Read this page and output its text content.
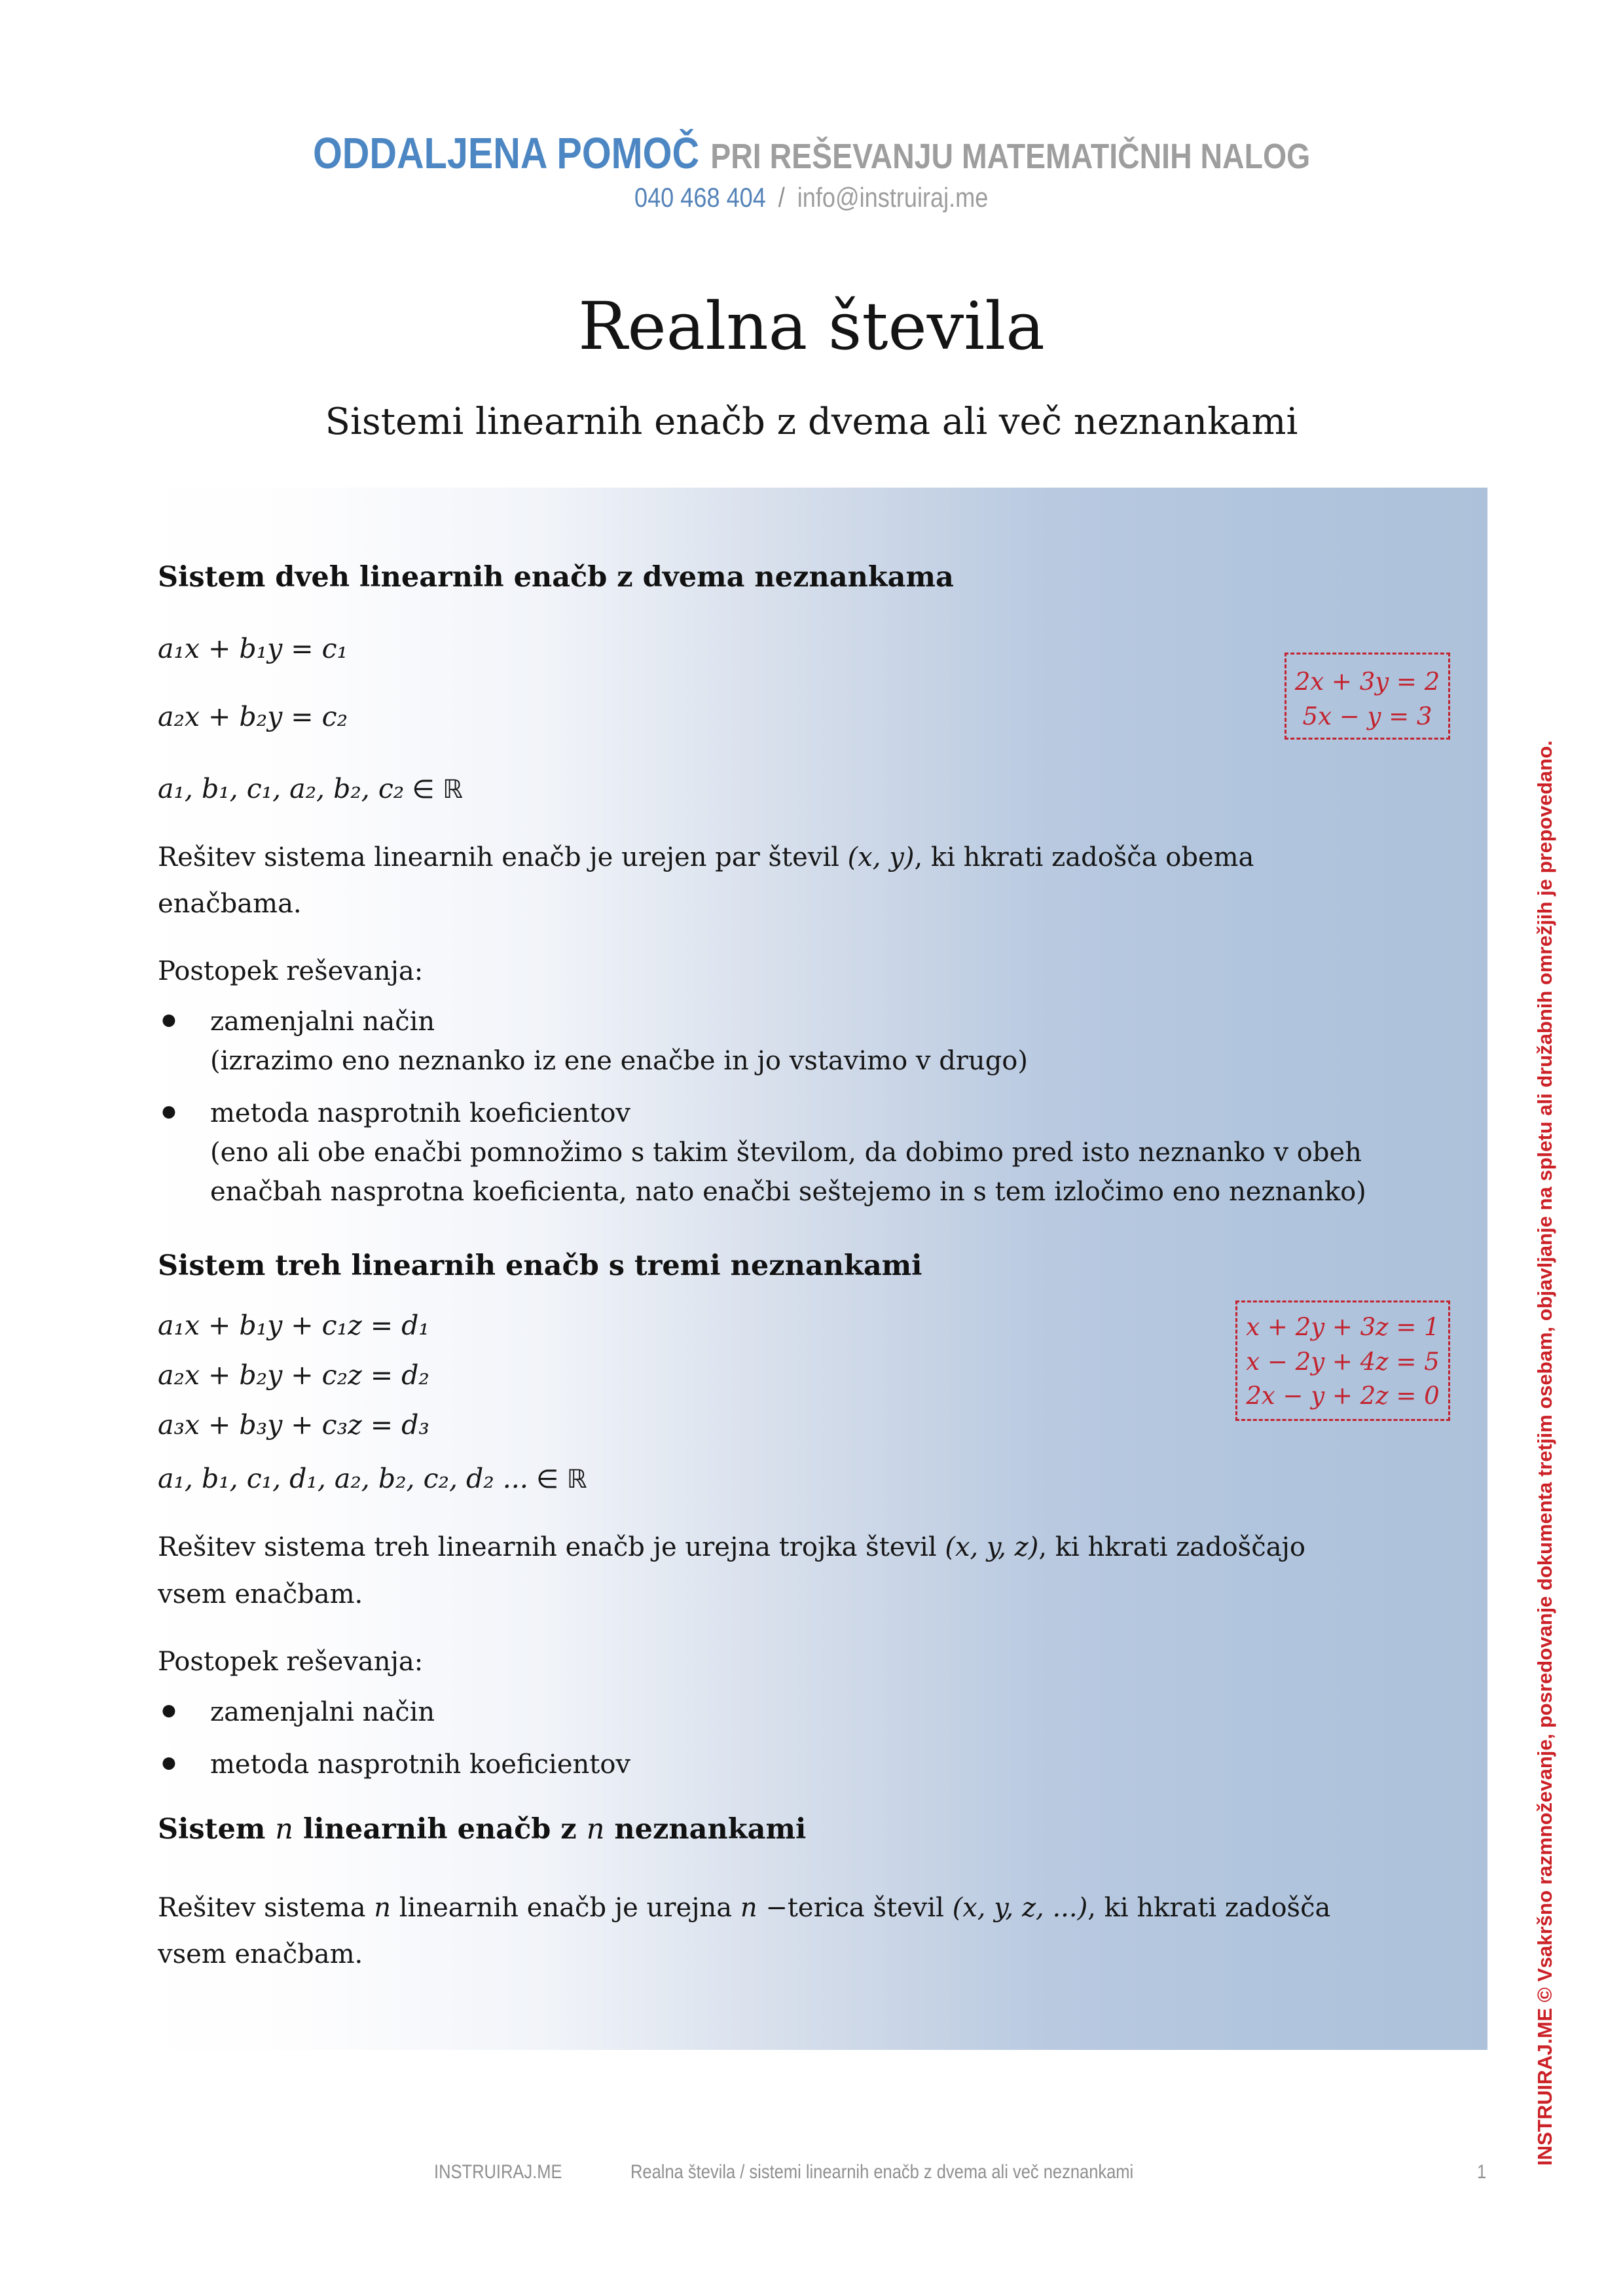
ODDALJENA POMOČ PRI REŠEVANJU MATEMATIČNIH NALOG
040 468 404 / info@instruiraj.me
Realna števila
Sistemi linearnih enačb z dvema ali več neznankami
Sistem dveh linearnih enačb z dvema neznankama
a₁x + b₁y = c₁
a₂x + b₂y = c₂
a₁, b₁, c₁, a₂, b₂, c₂ ∈ ℝ

Rešitev sistema linearnih enačb je urejen par števil (x, y), ki hkrati zadošča obema
enačbama.

Postopek reševanja:

● zamenjalni način
(izrazimo eno neznanko iz ene enačbe in jo vstavimo v drugo)
● metoda nasprotnih koeficientov
(eno ali obe enačbi pomnožimo s takim številom, da dobimo pred isto neznanko v obeh
enačbah nasprotna koeficienta, nato enačbi seštejemo in s tem izločimo eno neznanko)
Sistem treh linearnih enačb s tremi neznankami
a₁x + b₁y + c₁z = d₁
a₂x + b₂y + c₂z = d₂
a₃x + b₃y + c₃z = d₃
a₁, b₁, c₁, d₁, a₂, b₂, c₂, d₂ ... ∈ ℝ

Rešitev sistema treh linearnih enačb je urejna trojka števil (x, y, z), ki hkrati zadoščajo
vsem enačbam.

Postopek reševanja:

● zamenjalni način
● metoda nasprotnih koeficientov
Sistem n linearnih enačb z n neznankami

Rešitev sistema n linearnih enačb je urejna n −terica števil (x, y, z, ...), ki hkrati zadošča
vsem enačbam.

2x + 3y = 2
5x − y = 3
x + 2y + 3z = 1
x − 2y + 4z = 5
2x − y + 2z = 0	INSTRUIRAJ.ME © Vsakršno razmnoževanje, posredovanje dokumenta tretjim osebam, objavljanje na spletu ali družabnih omrežjih je prepovedano.
INSTRUIRAJ.ME	Realna števila / sistemi linearnih enačb z dvema ali več neznankami	1
